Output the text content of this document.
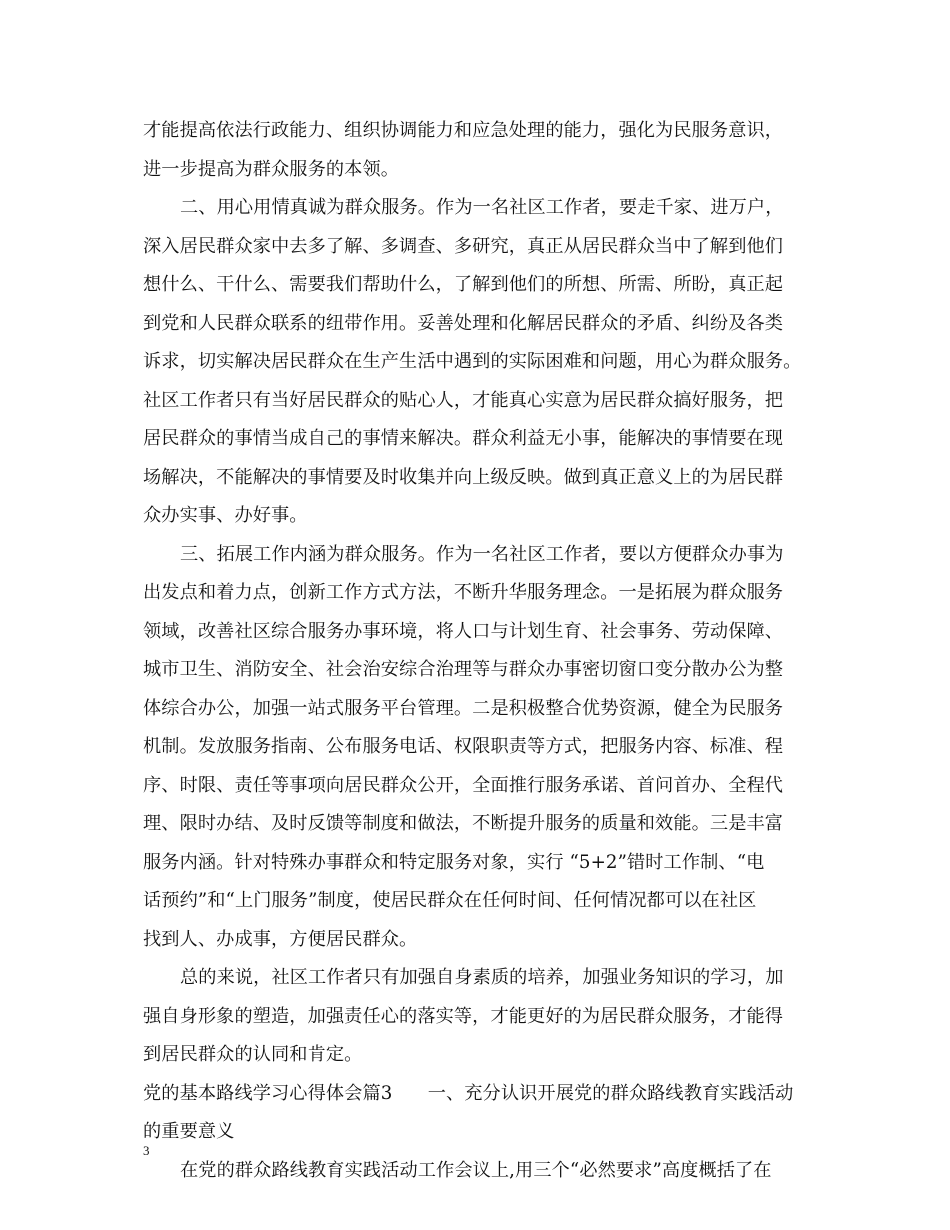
才能提高依法行政能力、组织协调能力和应急处理的能力，强化为民服务意识，
进一步提高为群众服务的本领。
二、用心用情真诚为群众服务。作为一名社区工作者，要走千家、进万户，
深入居民群众家中去多了解、多调查、多研究，真正从居民群众当中了解到他们
想什么、干什么、需要我们帮助什么，了解到他们的所想、所需、所盼，真正起
到党和人民群众联系的纽带作用。妥善处理和化解居民群众的矛盾、纠纷及各类
诉求，切实解决居民群众在生产生活中遇到的实际困难和问题，用心为群众服务。
社区工作者只有当好居民群众的贴心人，才能真心实意为居民群众搞好服务，把
居民群众的事情当成自己的事情来解决。群众利益无小事，能解决的事情要在现
场解决，不能解决的事情要及时收集并向上级反映。做到真正意义上的为居民群
众办实事、办好事。
三、拓展工作内涵为群众服务。作为一名社区工作者，要以方便群众办事为
出发点和着力点，创新工作方式方法，不断升华服务理念。一是拓展为群众服务
领域，改善社区综合服务办事环境，将人口与计划生育、社会事务、劳动保障、
城市卫生、消防安全、社会治安综合治理等与群众办事密切窗口变分散办公为整
体综合办公，加强一站式服务平台管理。二是积极整合优势资源，健全为民服务
机制。发放服务指南、公布服务电话、权限职责等方式，把服务内容、标准、程
序、时限、责任等事项向居民群众公开，全面推行服务承诺、首问首办、全程代
理、限时办结、及时反馈等制度和做法，不断提升服务的质量和效能。三是丰富
服务内涵。针对特殊办事群众和特定服务对象，实行 “5+2”错时工作制、“电
话预约”和“上门服务”制度，使居民群众在任何时间、任何情况都可以在社区
找到人、办成事，方便居民群众。
总的来说，社区工作者只有加强自身素质的培养，加强业务知识的学习，加
强自身形象的塑造，加强责任心的落实等，才能更好的为居民群众服务，才能得
到居民群众的认同和肯定。
党的基本路线学习心得体会篇3      一、充分认识开展党的群众路线教育实践活动
的重要意义
在党的群众路线教育实践活动工作会议上,用三个“必然要求”高度概括了在
3
